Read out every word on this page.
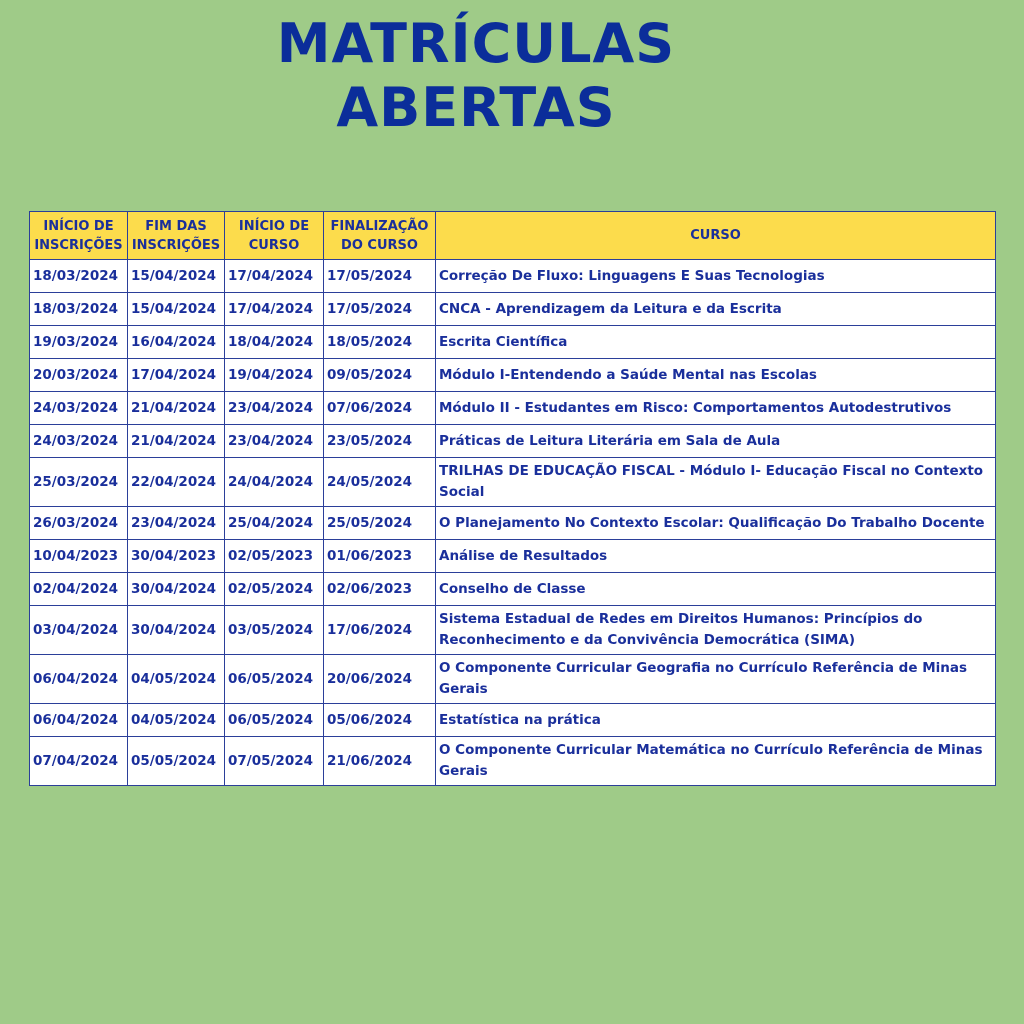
MATRÍCULAS
ABERTAS
INÍCIO DE INSCRIÇÕES	FIM DAS INSCRIÇÕES	INÍCIO DE CURSO	FINALIZAÇÃO DO CURSO	CURSO
18/03/2024	15/04/2024	17/04/2024	17/05/2024	Correção De Fluxo: Linguagens E Suas Tecnologias
18/03/2024	15/04/2024	17/04/2024	17/05/2024	CNCA - Aprendizagem da Leitura e da Escrita
19/03/2024	16/04/2024	18/04/2024	18/05/2024	Escrita Científica
20/03/2024	17/04/2024	19/04/2024	09/05/2024	Módulo I-Entendendo a Saúde Mental nas Escolas
24/03/2024	21/04/2024	23/04/2024	07/06/2024	Módulo II - Estudantes em Risco: Comportamentos Autodestrutivos
24/03/2024	21/04/2024	23/04/2024	23/05/2024	Práticas de Leitura Literária em Sala de Aula
25/03/2024	22/04/2024	24/04/2024	24/05/2024	TRILHAS DE EDUCAÇÃO FISCAL - Módulo I- Educação Fiscal no Contexto Social
26/03/2024	23/04/2024	25/04/2024	25/05/2024	O Planejamento No Contexto Escolar: Qualificação Do Trabalho Docente
10/04/2023	30/04/2023	02/05/2023	01/06/2023	Análise de Resultados
02/04/2024	30/04/2024	02/05/2024	02/06/2023	Conselho de Classe
03/04/2024	30/04/2024	03/05/2024	17/06/2024	Sistema Estadual de Redes em Direitos Humanos: Princípios do Reconhecimento e da Convivência Democrática (SIMA)
06/04/2024	04/05/2024	06/05/2024	20/06/2024	O Componente Curricular Geografia no Currículo Referência de Minas Gerais
06/04/2024	04/05/2024	06/05/2024	05/06/2024	Estatística na prática
07/04/2024	05/05/2024	07/05/2024	21/06/2024	O Componente Curricular Matemática no Currículo Referência de Minas Gerais
